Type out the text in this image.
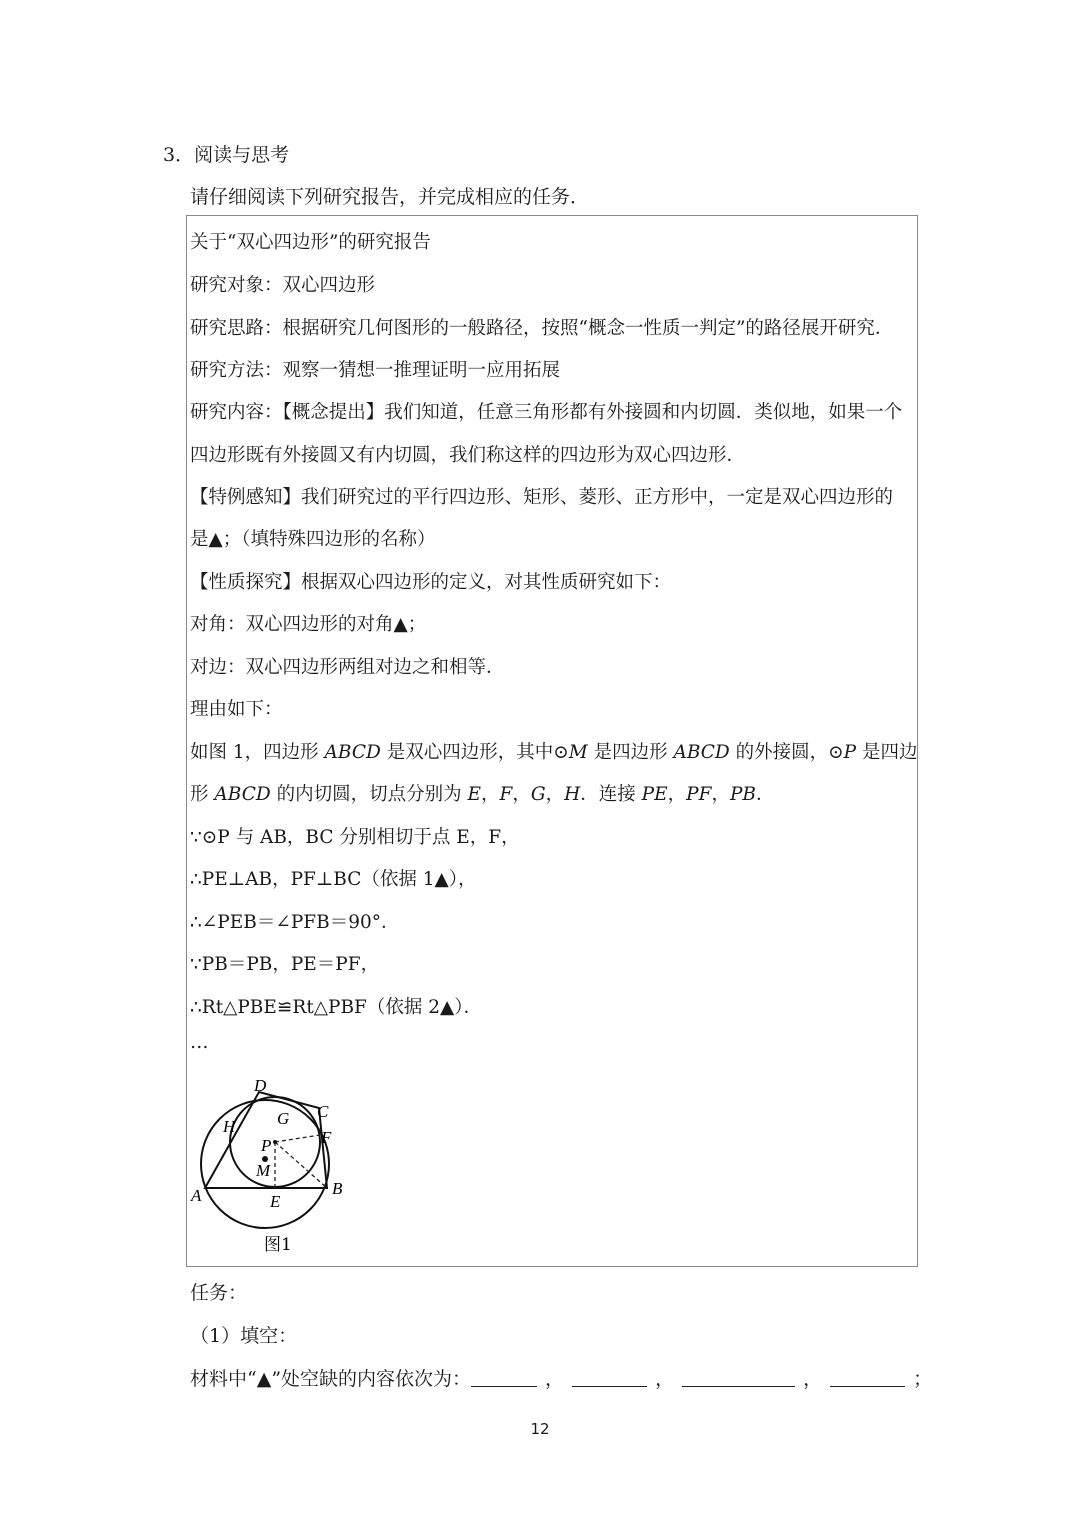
3．阅读与思考
请仔细阅读下列研究报告，并完成相应的任务．
关于“双心四边形”的研究报告
研究对象：双心四边形
研究思路：根据研究几何图形的一般路径，按照“概念一性质一判定”的路径展开研究．
研究方法：观察一猜想一推理证明一应用拓展
研究内容：【概念提出】我们知道，任意三角形都有外接圆和内切圆．类似地，如果一个
四边形既有外接圆又有内切圆，我们称这样的四边形为双心四边形．
【特例感知】我们研究过的平行四边形、矩形、菱形、正方形中，一定是双心四边形的
是▲；（填特殊四边形的名称）
【性质探究】根据双心四边形的定义，对其性质研究如下：
对角：双心四边形的对角▲；
对边：双心四边形两组对边之和相等．
理由如下：
如图 1，四边形 ABCD 是双心四边形，其中⊙M 是四边形 ABCD 的外接圆，⊙P 是四边
形 ABCD 的内切圆，切点分别为 E，F，G，H．连接 PE，PF，PB．
∵⊙P 与 AB，BC 分别相切于点 E，F，
∴PE⊥AB，PF⊥BC（依据 1▲），
∴∠PEB＝∠PFB＝90°．
∵PB＝PB，PE＝PF，
∴Rt△PBE≌Rt△PBF（依据 2▲）．
…
D
C
G
H
F
P
M
A	B
E
图1
任务：
（1）填空：
材料中“▲”处空缺的内容依次为：	，	，	，	；
12
